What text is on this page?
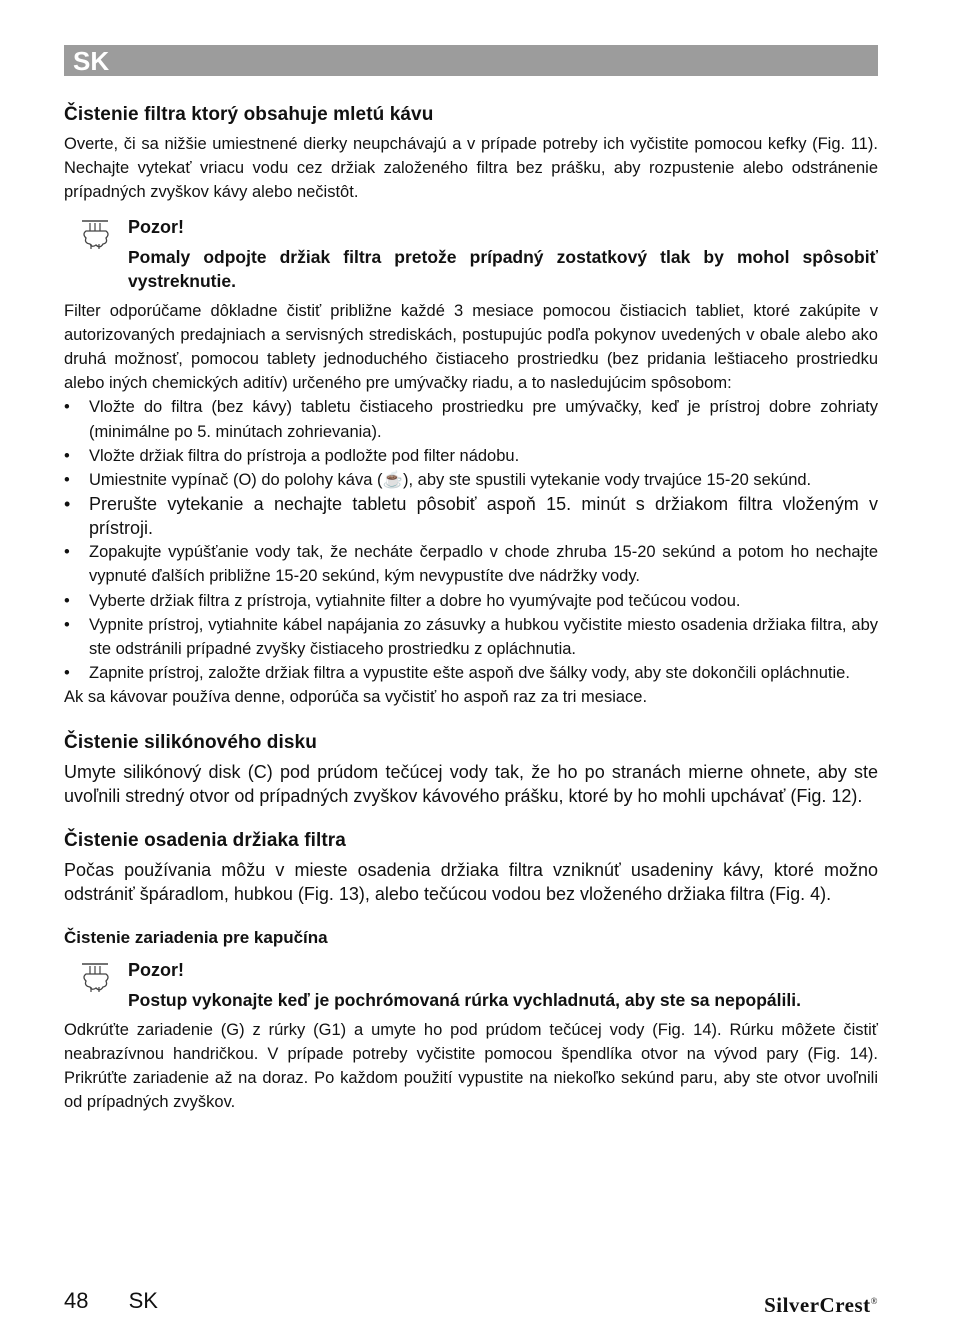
SK
Čistenie filtra ktorý obsahuje mletú kávu

Overte, či sa nižšie umiestnené dierky neupchávajú a v prípade potreby ich vyčistite pomocou kefky (Fig. 11). Nechajte vytekať vriacu vodu cez držiak založeného filtra bez prášku, aby rozpustenie alebo odstránenie prípadných zvyškov kávy alebo nečistôt.

Pozor!
Pomaly odpojte držiak filtra pretože prípadný zostatkový tlak by mohol spôsobiť vystreknutie.

Filter odporúčame dôkladne čistiť približne každé 3 mesiace pomocou čistiacich tabliet, ktoré zakúpite v autorizovaných predajniach a servisných strediskách, postupujúc podľa pokynov uvedených v obale alebo ako druhá možnosť, pomocou tablety jednoduchého čistiaceho prostriedku (bez pridania leštiaceho prostriedku alebo iných chemických aditív) určeného pre umývačky riadu, a to nasledujúcim spôsobom:

• Vložte do filtra (bez kávy) tabletu čistiaceho prostriedku pre umývačky, keď je prístroj dobre zohriaty (minimálne po 5. minútach zohrievania).
• Vložte držiak filtra do prístroja a podložte pod filter nádobu.
• Umiestnite vypínač (O) do polohy káva (☕), aby ste spustili vytekanie vody trvajúce 15-20 sekúnd.
• Prerušte vytekanie a nechajte tabletu pôsobiť aspoň 15. minút s držiakom filtra vloženým v prístroji.
• Zopakujte vypúšťanie vody tak, že necháte čerpadlo v chode zhruba 15-20 sekúnd a potom ho nechajte vypnuté ďalších približne 15-20 sekúnd, kým nevypustíte dve nádržky vody.
• Vyberte držiak filtra z prístroja, vytiahnite filter a dobre ho vyumývajte pod tečúcou vodou.
• Vypnite prístroj, vytiahnite kábel napájania zo zásuvky a hubkou vyčistite miesto osadenia držiaka filtra, aby ste odstránili prípadné zvyšky čistiaceho prostriedku z opláchnutia.
• Zapnite prístroj, založte držiak filtra a vypustite ešte aspoň dve šálky vody, aby ste dokončili opláchnutie.

Ak sa kávovar používa denne, odporúča sa vyčistiť ho aspoň raz za tri mesiace.

Čistenie silikónového disku

Umyte silikónový disk (C) pod prúdom tečúcej vody tak, že ho po stranách mierne ohnete, aby ste uvoľnili stredný otvor od prípadných zvyškov kávového prášku, ktoré by ho mohli upchávať (Fig. 12).

Čistenie osadenia držiaka filtra

Počas používania môžu v mieste osadenia držiaka filtra vzniknúť usadeniny kávy, ktoré možno odstrániť špáradlom, hubkou (Fig. 13), alebo tečúcou vodou bez vloženého držiaka filtra (Fig. 4).

Čistenie zariadenia pre kapučína
Pozor!
Postup vykonajte keď je pochrómovaná rúrka vychladnutá, aby ste sa nepopálili.

Odkrúťte zariadenie (G) z rúrky (G1) a umyte ho pod prúdom tečúcej vody (Fig. 14). Rúrku môžete čistiť neabrazívnou handričkou. V prípade potreby vyčistite pomocou špendlíka otvor na vývod pary (Fig. 14). Prikrúťte zariadenie až na doraz. Po každom použití vypustite na niekoľko sekúnd paru, aby ste otvor uvoľnili od prípadných zvyškov.

48 SK	SilverCrest®
